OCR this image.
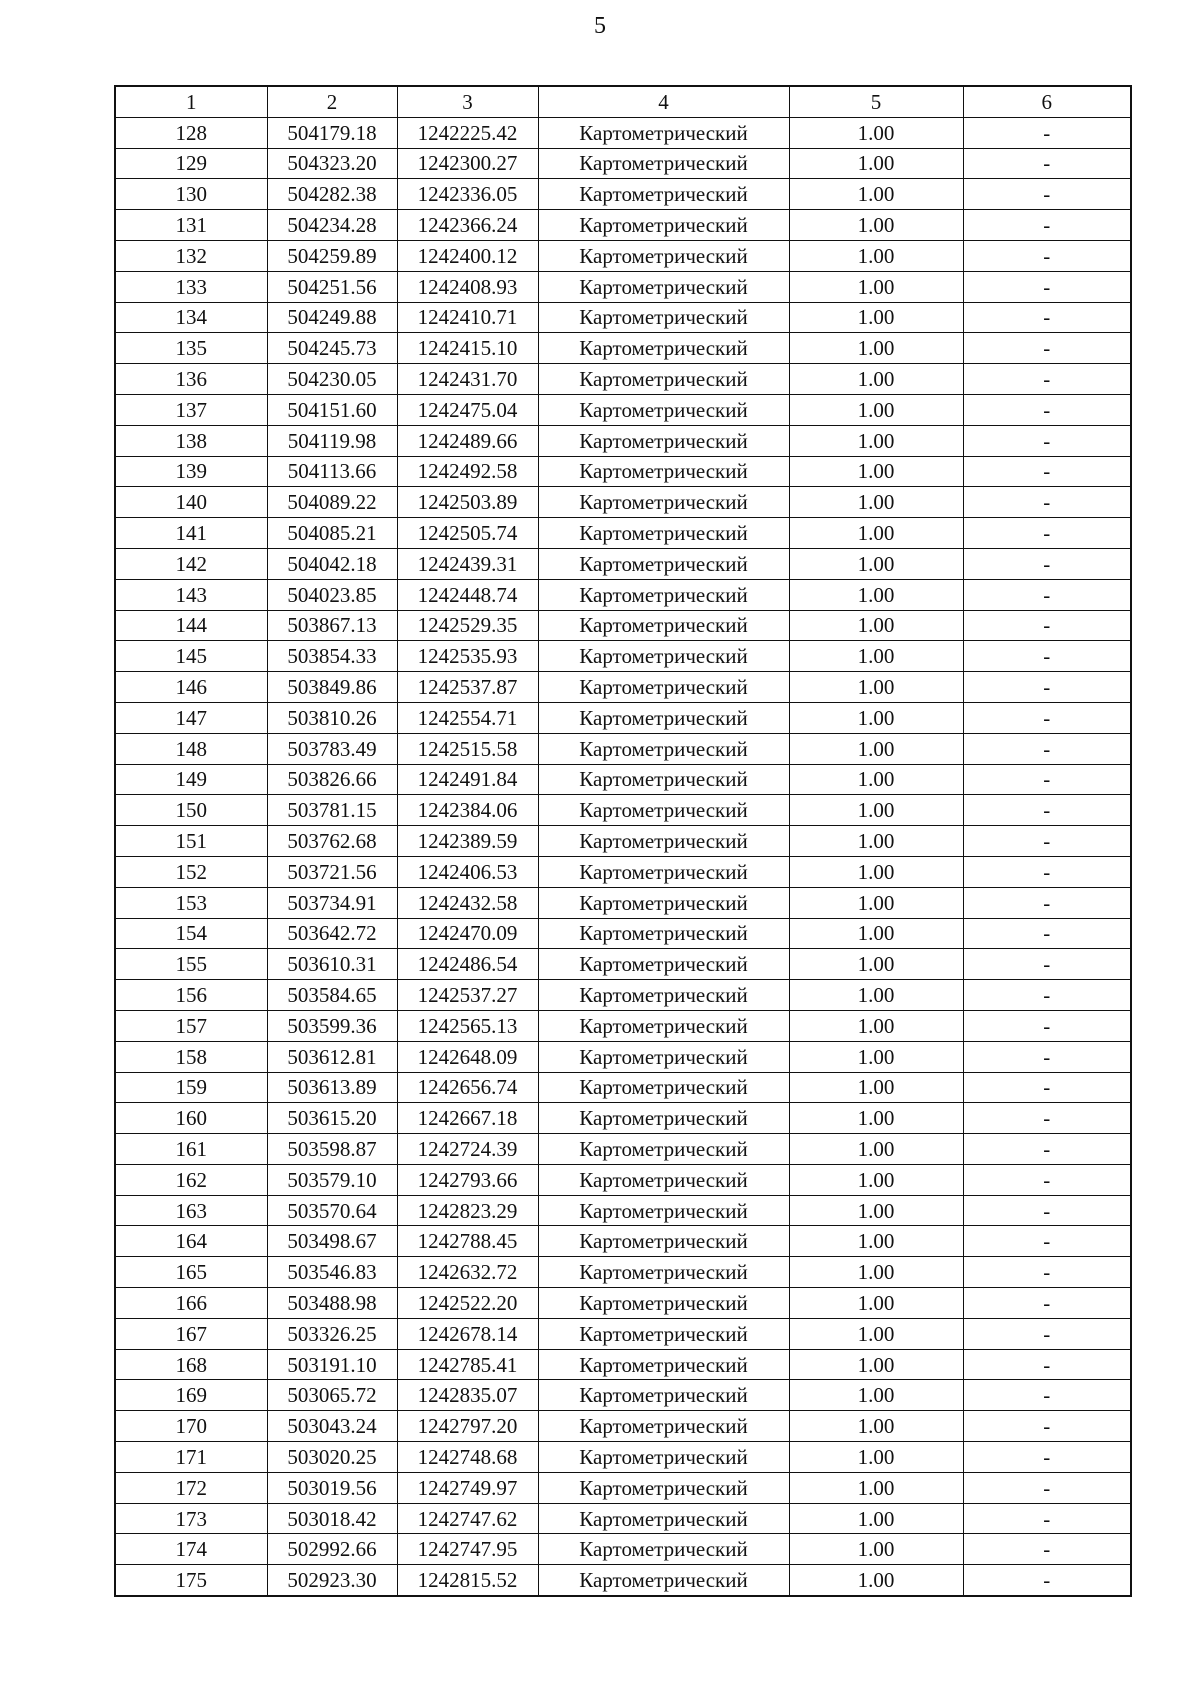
5
1	2	3	4	5	6
128	504179.18	1242225.42	Картометрический	1.00	-
129	504323.20	1242300.27	Картометрический	1.00	-
130	504282.38	1242336.05	Картометрический	1.00	-
131	504234.28	1242366.24	Картометрический	1.00	-
132	504259.89	1242400.12	Картометрический	1.00	-
133	504251.56	1242408.93	Картометрический	1.00	-
134	504249.88	1242410.71	Картометрический	1.00	-
135	504245.73	1242415.10	Картометрический	1.00	-
136	504230.05	1242431.70	Картометрический	1.00	-
137	504151.60	1242475.04	Картометрический	1.00	-
138	504119.98	1242489.66	Картометрический	1.00	-
139	504113.66	1242492.58	Картометрический	1.00	-
140	504089.22	1242503.89	Картометрический	1.00	-
141	504085.21	1242505.74	Картометрический	1.00	-
142	504042.18	1242439.31	Картометрический	1.00	-
143	504023.85	1242448.74	Картометрический	1.00	-
144	503867.13	1242529.35	Картометрический	1.00	-
145	503854.33	1242535.93	Картометрический	1.00	-
146	503849.86	1242537.87	Картометрический	1.00	-
147	503810.26	1242554.71	Картометрический	1.00	-
148	503783.49	1242515.58	Картометрический	1.00	-
149	503826.66	1242491.84	Картометрический	1.00	-
150	503781.15	1242384.06	Картометрический	1.00	-
151	503762.68	1242389.59	Картометрический	1.00	-
152	503721.56	1242406.53	Картометрический	1.00	-
153	503734.91	1242432.58	Картометрический	1.00	-
154	503642.72	1242470.09	Картометрический	1.00	-
155	503610.31	1242486.54	Картометрический	1.00	-
156	503584.65	1242537.27	Картометрический	1.00	-
157	503599.36	1242565.13	Картометрический	1.00	-
158	503612.81	1242648.09	Картометрический	1.00	-
159	503613.89	1242656.74	Картометрический	1.00	-
160	503615.20	1242667.18	Картометрический	1.00	-
161	503598.87	1242724.39	Картометрический	1.00	-
162	503579.10	1242793.66	Картометрический	1.00	-
163	503570.64	1242823.29	Картометрический	1.00	-
164	503498.67	1242788.45	Картометрический	1.00	-
165	503546.83	1242632.72	Картометрический	1.00	-
166	503488.98	1242522.20	Картометрический	1.00	-
167	503326.25	1242678.14	Картометрический	1.00	-
168	503191.10	1242785.41	Картометрический	1.00	-
169	503065.72	1242835.07	Картометрический	1.00	-
170	503043.24	1242797.20	Картометрический	1.00	-
171	503020.25	1242748.68	Картометрический	1.00	-
172	503019.56	1242749.97	Картометрический	1.00	-
173	503018.42	1242747.62	Картометрический	1.00	-
174	502992.66	1242747.95	Картометрический	1.00	-
175	502923.30	1242815.52	Картометрический	1.00	-
